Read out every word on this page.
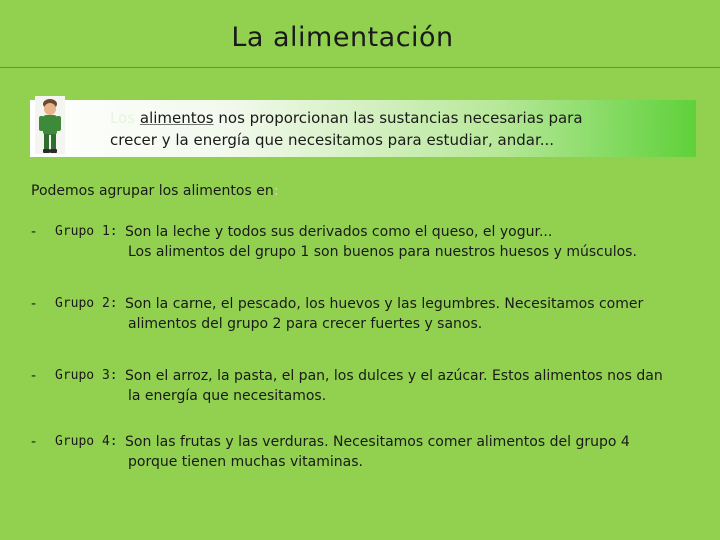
La alimentación
Los alimentos nos proporcionan las sustancias necesarias para
crecer y la energía que necesitamos para estudiar, andar...
Podemos agrupar los alimentos en:
- Grupo 1: Son la leche y todos sus derivados como el queso, el yogur...
Los alimentos del grupo 1 son buenos para nuestros huesos y músculos.
- Grupo 2: Son la carne, el pescado, los huevos y las legumbres. Necesitamos comer
alimentos del grupo 2 para crecer fuertes y sanos.
- Grupo 3: Son el arroz, la pasta, el pan, los dulces y el azúcar. Estos alimentos nos dan
la energía que necesitamos.
- Grupo 4: Son las frutas y las verduras. Necesitamos comer alimentos del grupo 4
porque tienen muchas vitaminas.
